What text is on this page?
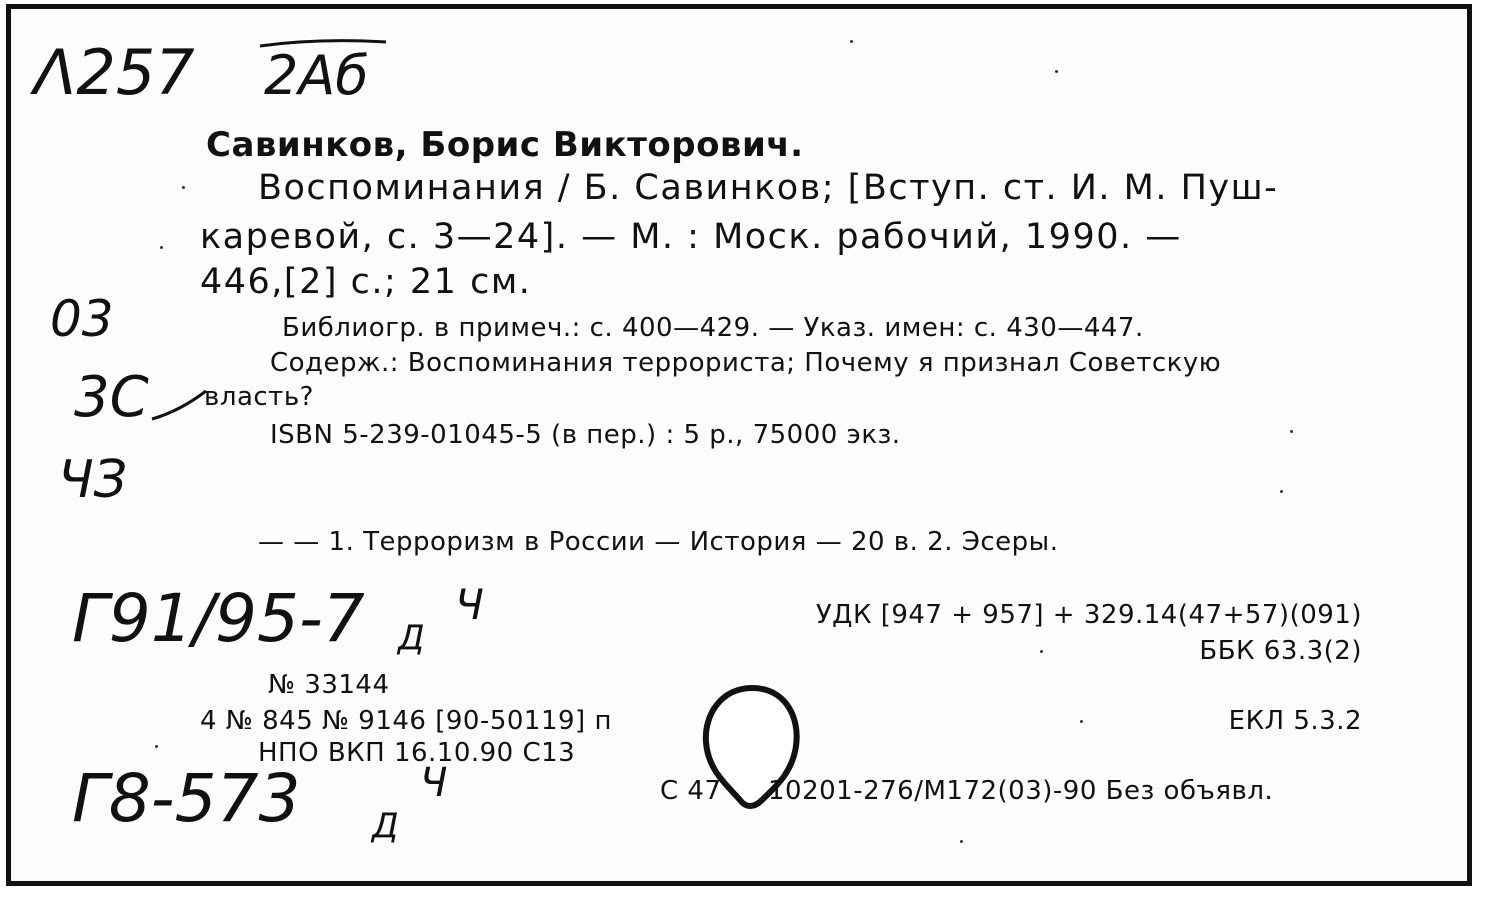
Λ257 2Аб
Савинков, Борис Викторович.
Воспоминания / Б. Савинков; [Вступ. ст. И. М. Пуш-
каревой, с. 3—24]. — М. : Моск. рабочий, 1990. —
446,[2] с.; 21 см.
Библиогр. в примеч.: с. 400—429. — Указ. имен: с. 430—447.
Содерж.: Воспоминания террориста; Почему я признал Советскую
власть?
ISBN 5-239-01045-5 (в пер.) : 5 р., 75000 экз.
03
3С
ЧЗ
— — 1. Терроризм в России — История — 20 в. 2. Эсеры.
Г91/95-7 Ч
Д
УДК [947 + 957] + 329.14(47+57)(091)
ББК 63.3(2)
№ 33144
4 № 845 № 9146 [90-50119] п
НПО ВКП 16.10.90 С13
ЕКЛ 5.3.2
С 47 10201-276/М172(03)-90 Без объявл.
Г8-573	Ч
Д
